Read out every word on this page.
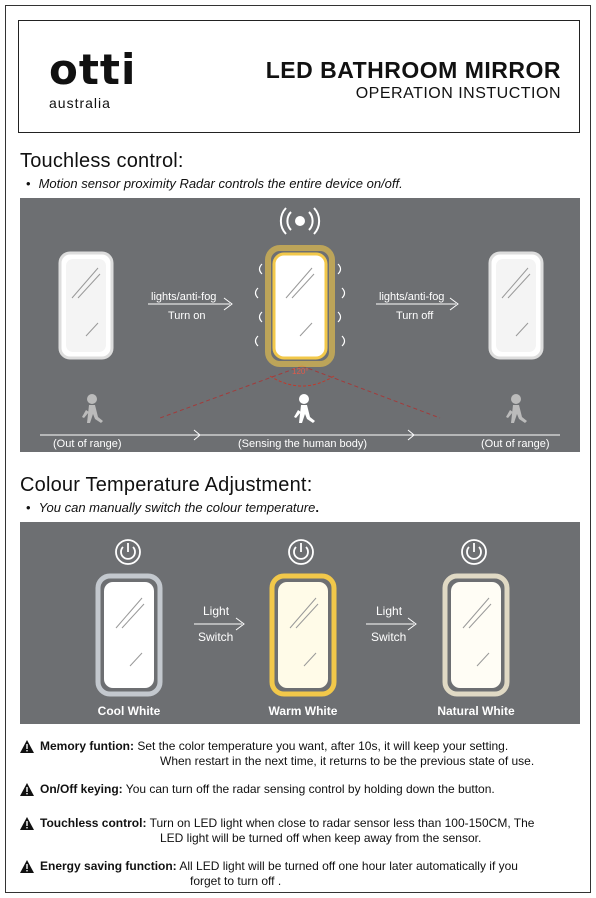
otti
australia
LED BATHROOM MIRROR
OPERATION INSTUCTION
Touchless control:
• Motion sensor proximity Radar controls the entire device on/off.
lights/anti-fog
Turn on
lights/anti-fog
Turn off
120°
(Out of range)	(Sensing the human body)	(Out of range)
Colour Temperature Adjustment:
• You can manually switch the colour temperature.
Light
Switch
Light
Switch
Cool White	Warm White	Natural White
Memory funtion: Set the color temperature you want, after 10s, it will keep your setting.
When restart in the next time, it returns to be the previous state of use.
On/Off keying: You can turn off the radar sensing control by holding down the button.
Touchless control: Turn on LED light when close to radar sensor less than 100-150CM, The
LED light will be turned off when keep away from the sensor.
Energy saving function: All LED light will be turned off one hour later automatically if you
forget to turn off .
